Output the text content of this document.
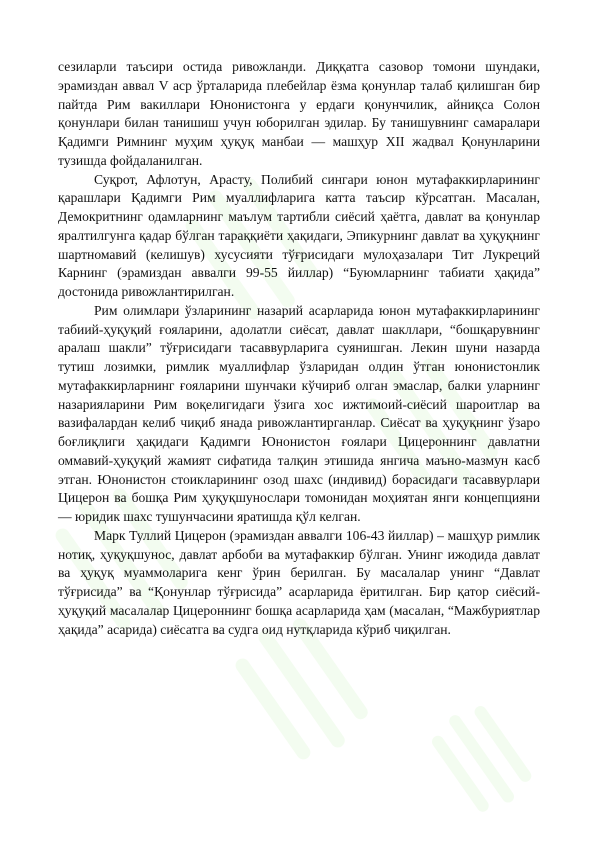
сезиларли таъсири остида ривожланди. Диққатга сазовор томони шундаки, эрамиздан аввал V аср ўрталарида плебейлар ёзма қонунлар талаб қилишган бир пайтда Рим вакиллари Юнонистонга у ердаги қонунчилик, айниқса Солон қонунлари билан танишиш учун юборилган эдилар. Бу танишувнинг самаралари Қадимги Римнинг муҳим ҳуқуқ манбаи — машҳур XII жадвал Қонунларини тузишда фойдаланилган.

Суқрот, Афлотун, Арасту, Полибий сингари юнон мутафаккирларининг қарашлари Қадимги Рим муаллифларига катта таъсир кўрсатган. Масалан, Демокритнинг одамларнинг маълум тартибли сиёсий ҳаётга, давлат ва қонунлар яралтилгунга қадар бўлган тараққиёти ҳақидаги, Эпикурнинг давлат ва ҳуқуқнинг шартномавий (келишув) хусусияти тўғрисидаги мулоҳазалари Тит Лукреций Карнинг (эрамиздан аввалги 99-55 йиллар) “Буюмларнинг табиати ҳақида” достонида ривожлантирилган.

Рим олимлари ўзларининг назарий асарларида юнон мутафаккирларининг табиий-ҳуқуқий ғояларини, адолатли сиёсат, давлат шакллари, “бошқарувнинг аралаш шакли” тўғрисидаги тасаввурларига суянишган. Лекин шуни назарда тутиш лозимки, римлик муаллифлар ўзларидан олдин ўтган юнонистонлик мутафаккирларнинг ғояларини шунчаки кўчириб олган эмаслар, балки уларнинг назарияларини Рим воқелигидаги ўзига хос ижтимоий-сиёсий шароитлар ва вазифалардан келиб чиқиб янада ривожлантирганлар. Сиёсат ва ҳуқуқнинг ўзаро боғлиқлиги ҳақидаги Қадимги Юнонистон ғоялари Цицероннинг давлатни оммавий-ҳуқуқий жамият сифатида талқин этишида янгича маъно-мазмун касб этган. Юнонистон стоикларининг озод шахс (индивид) борасидаги тасаввурлари Цицерон ва бошқа Рим ҳуқуқшунослари томонидан моҳиятан янги концепцияни — юридик шахс тушунчасини яратишда қўл келган.

Марк Туллий Цицерон (эрамиздан аввалги 106-43 йиллар) – машҳур римлик нотиқ, ҳуқуқшунос, давлат арбоби ва мутафаккир бўлган. Унинг ижодида давлат ва ҳуқуқ муаммоларига кенг ўрин берилган. Бу масалалар унинг “Давлат тўғрисида” ва “Қонунлар тўғрисида” асарларида ёритилган. Бир қатор сиёсий-ҳуқуқий масалалар Цицероннинг бошқа асарларида ҳам (масалан, “Мажбуриятлар ҳақида” асарида) сиёсатга ва судга оид нутқларида кўриб чиқилган.
